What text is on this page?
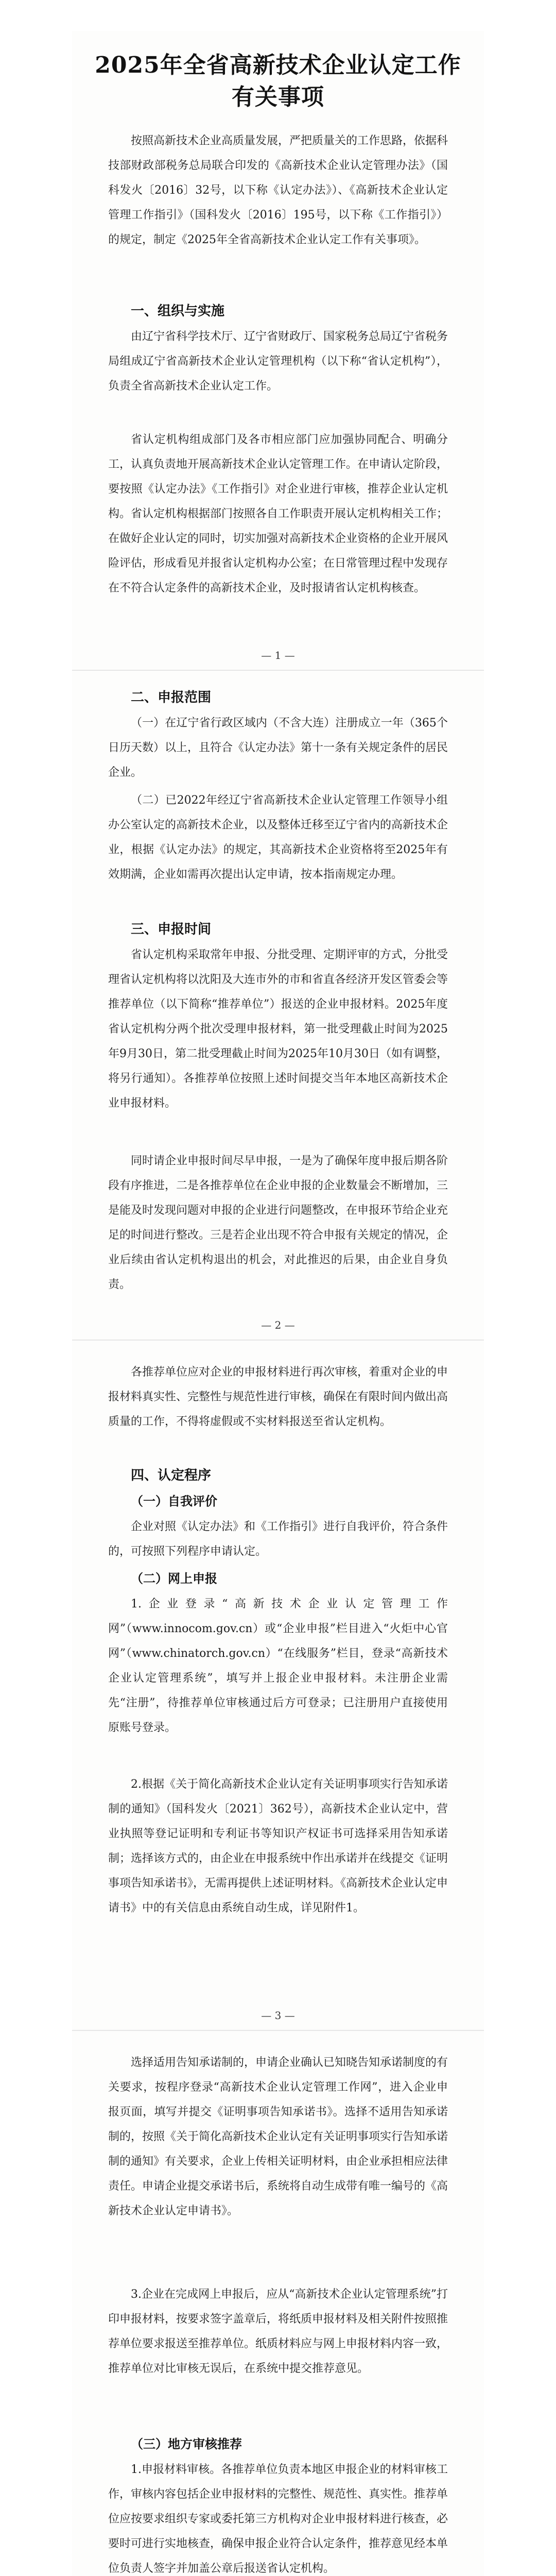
2025年全省高新技术企业认定工作
有关事项
按照高新技术企业高质量发展，严把质量关的工作思路，依据科技部财政部税务总局联合印发的《高新技术企业认定管理办法》（国科发火〔2016〕32号，以下称《认定办法》）、《高新技术企业认定管理工作指引》（国科发火〔2016〕195号，以下称《工作指引》）的规定，制定《2025年全省高新技术企业认定工作有关事项》。
一、组织与实施
由辽宁省科学技术厅、辽宁省财政厅、国家税务总局辽宁省税务局组成辽宁省高新技术企业认定管理机构（以下称“省认定机构”），负责全省高新技术企业认定工作。
省认定机构组成部门及各市相应部门应加强协同配合、明确分工，认真负责地开展高新技术企业认定管理工作。在申请认定阶段，要按照《认定办法》《工作指引》对企业进行审核，推荐企业认定机构。省认定机构根据部门按照各自工作职责开展认定机构相关工作；在做好企业认定的同时，切实加强对高新技术企业资格的企业开展风险评估，形成看见并报省认定机构办公室；在日常管理过程中发现存在不符合认定条件的高新技术企业，及时报请省认定机构核查。
— 1 —
二、申报范围
（一）在辽宁省行政区域内（不含大连）注册成立一年（365个日历天数）以上，且符合《认定办法》第十一条有关规定条件的居民企业。
（二）已2022年经辽宁省高新技术企业认定管理工作领导小组办公室认定的高新技术企业，以及整体迁移至辽宁省内的高新技术企业，根据《认定办法》的规定，其高新技术企业资格将至2025年有效期满，企业如需再次提出认定申请，按本指南规定办理。
三、申报时间
省认定机构采取常年申报、分批受理、定期评审的方式，分批受理省认定机构将以沈阳及大连市外的市和省直各经济开发区管委会等推荐单位（以下简称“推荐单位”）报送的企业申报材料。2025年度省认定机构分两个批次受理申报材料，第一批受理截止时间为2025年9月30日，第二批受理截止时间为2025年10月30日（如有调整，将另行通知）。各推荐单位按照上述时间提交当年本地区高新技术企业申报材料。
同时请企业申报时间尽早申报，一是为了确保年度申报后期各阶段有序推进，二是各推荐单位在企业申报的企业数量会不断增加，三是能及时发现问题对申报的企业进行问题整改，在申报环节给企业充足的时间进行整改。三是若企业出现不符合申报有关规定的情况，企业后续由省认定机构退出的机会，对此推迟的后果，由企业自身负责。
— 2 —
各推荐单位应对企业的申报材料进行再次审核，着重对企业的申报材料真实性、完整性与规范性进行审核，确保在有限时间内做出高质量的工作，不得将虚假或不实材料报送至省认定机构。
四、认定程序
（一）自我评价
企业对照《认定办法》和《工作指引》进行自我评价，符合条件的，可按照下列程序申请认定。
（二）网上申报
1.企业登录“高新技术企业认定管理工作网”（www.innocom.gov.cn）或“企业申报”栏目进入“火炬中心官网”（www.chinatorch.gov.cn）“在线服务”栏目，登录“高新技术企业认定管理系统”，填写并上报企业申报材料。未注册企业需先“注册”，待推荐单位审核通过后方可登录；已注册用户直接使用原账号登录。
2.根据《关于简化高新技术企业认定有关证明事项实行告知承诺制的通知》（国科发火〔2021〕362号），高新技术企业认定中，营业执照等登记证明和专利证书等知识产权证书可选择采用告知承诺制；选择该方式的，由企业在申报系统中作出承诺并在线提交《证明事项告知承诺书》，无需再提供上述证明材料。《高新技术企业认定申请书》中的有关信息由系统自动生成，详见附件1。
— 3 —
选择适用告知承诺制的，申请企业确认已知晓告知承诺制度的有关要求，按程序登录“高新技术企业认定管理工作网”，进入企业申报页面，填写并提交《证明事项告知承诺书》。选择不适用告知承诺制的，按照《关于简化高新技术企业认定有关证明事项实行告知承诺制的通知》有关要求，企业上传相关证明材料，由企业承担相应法律责任。申请企业提交承诺书后，系统将自动生成带有唯一编号的《高新技术企业认定申请书》。
3.企业在完成网上申报后，应从“高新技术企业认定管理系统”打印申报材料，按要求签字盖章后，将纸质申报材料及相关附件按照推荐单位要求报送至推荐单位。纸质材料应与网上申报材料内容一致，推荐单位对比审核无误后，在系统中提交推荐意见。
（三）地方审核推荐
1.申报材料审核。各推荐单位负责本地区申报企业的材料审核工作，审核内容包括企业申报材料的完整性、规范性、真实性。推荐单位应按要求组织专家或委托第三方机构对企业申报材料进行核查，必要时可进行实地核查，确保申报企业符合认定条件，推荐意见经本单位负责人签字并加盖公章后报送省认定机构。
